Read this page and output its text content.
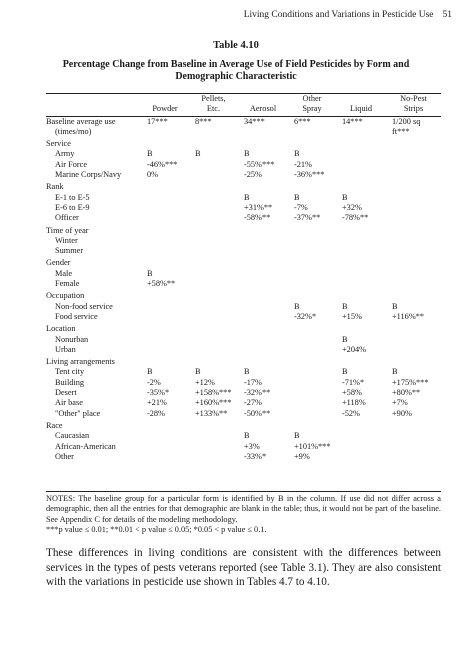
Living Conditions and Variations in Pesticide Use 51
Table 4.10
Percentage Change from Baseline in Average Use of Field Pesticides by Form and Demographic Characteristic

		Pellets,		Other		No-Pest
	Powder	Etc.	Aerosol	Spray	Liquid	Strips
Baseline average use	17***	8***	34***	6***	14***	1/200 sq
(times/mo)						ft***
Service						
Army	B	B	B	B		
Air Force	-46%***		-55%***	-21%		
Marine Corps/Navy	0%		-25%	-36%***		
Rank						
E-1 to E-5			B	B	B	
E-6 to E-9			+31%**	-7%	+32%	
Officer			-58%**	-37%**	-78%**	
Time of year						
Winter						
Summer						
Gender						
Male	B					
Female	+58%**					
Occupation						
Non-food service				B	B	B
Food service				-32%*	+15%	+116%**
Location						
Nonurban					B	
Urban					+204%	
Living arrangements						
Tent city	B	B	B		B	B
Building	-2%	+12%	-17%		-71%*	+175%***
Desert	-35%*	+158%***	-32%**		+58%	+80%**
Air base	+21%	+160%***	-27%		+118%	+7%
"Other" place	-28%	+133%**	-50%**		-52%	+90%
Race						
Caucasian			B	B		
African-American			+3%	+101%***		
Other			-33%*	+9%		

NOTES: The baseline group for a particular form is identified by B in the column. If use did not differ across a demographic, then all the entries for that demographic are blank in the table; thus, it would not be part of the baseline. See Appendix C for details of the modeling methodology.

***p value ≤ 0.01; **0.01 < p value ≤ 0.05; *0.05 < p value ≤ 0.1.

These differences in living conditions are consistent with the differences between services in the types of pests veterans reported (see Table 3.1). They are also consistent with the variations in pesticide use shown in Tables 4.7 to 4.10.
